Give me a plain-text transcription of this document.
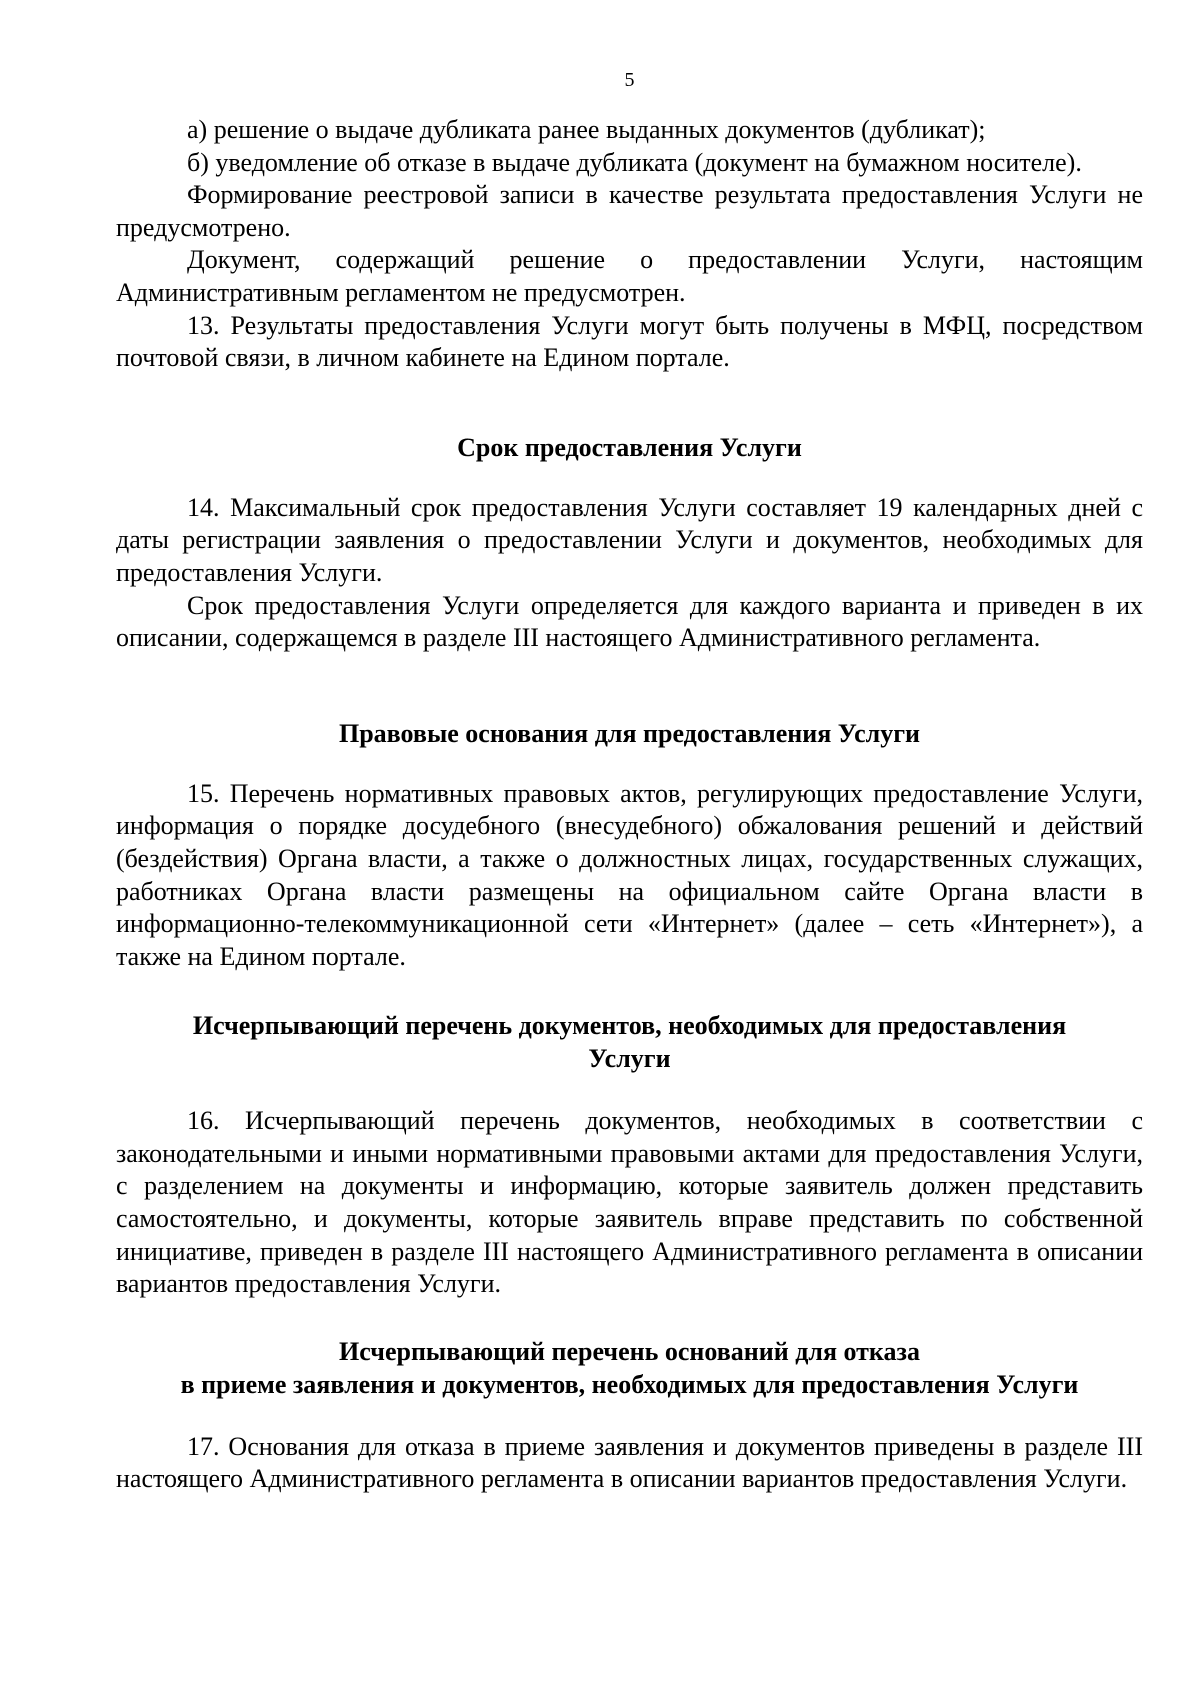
5

а) решение о выдаче дубликата ранее выданных документов (дубликат);

б) уведомление об отказе в выдаче дубликата (документ на бумажном носителе).

Формирование реестровой записи в качестве результата предоставления Услуги не предусмотрено.

Документ, содержащий решение о предоставлении Услуги, настоящим Административным регламентом не предусмотрен.

13. Результаты предоставления Услуги могут быть получены в МФЦ, посредством почтовой связи, в личном кабинете на Едином портале.

Срок предоставления Услуги

14. Максимальный срок предоставления Услуги составляет 19 календарных дней с даты регистрации заявления о предоставлении Услуги и документов, необходимых для предоставления Услуги.

Срок предоставления Услуги определяется для каждого варианта и приведен в их описании, содержащемся в разделе III настоящего Административного регламента.

Правовые основания для предоставления Услуги

15. Перечень нормативных правовых актов, регулирующих предоставление Услуги, информация о порядке досудебного (внесудебного) обжалования решений и действий (бездействия) Органа власти, а также о должностных лицах, государственных служащих, работниках Органа власти размещены на официальном сайте Органа власти в информационно-телекоммуникационной сети «Интернет» (далее – сеть «Интернет»), а также на Едином портале.

Исчерпывающий перечень документов, необходимых для предоставления
Услуги

16. Исчерпывающий перечень документов, необходимых в соответствии с законодательными и иными нормативными правовыми актами для предоставления Услуги, с разделением на документы и информацию, которые заявитель должен представить самостоятельно, и документы, которые заявитель вправе представить по собственной инициативе, приведен в разделе III настоящего Административного регламента в описании вариантов предоставления Услуги.

Исчерпывающий перечень оснований для отказа
в приеме заявления и документов, необходимых для предоставления Услуги

17. Основания для отказа в приеме заявления и документов приведены в разделе III настоящего Административного регламента в описании вариантов предоставления Услуги.
